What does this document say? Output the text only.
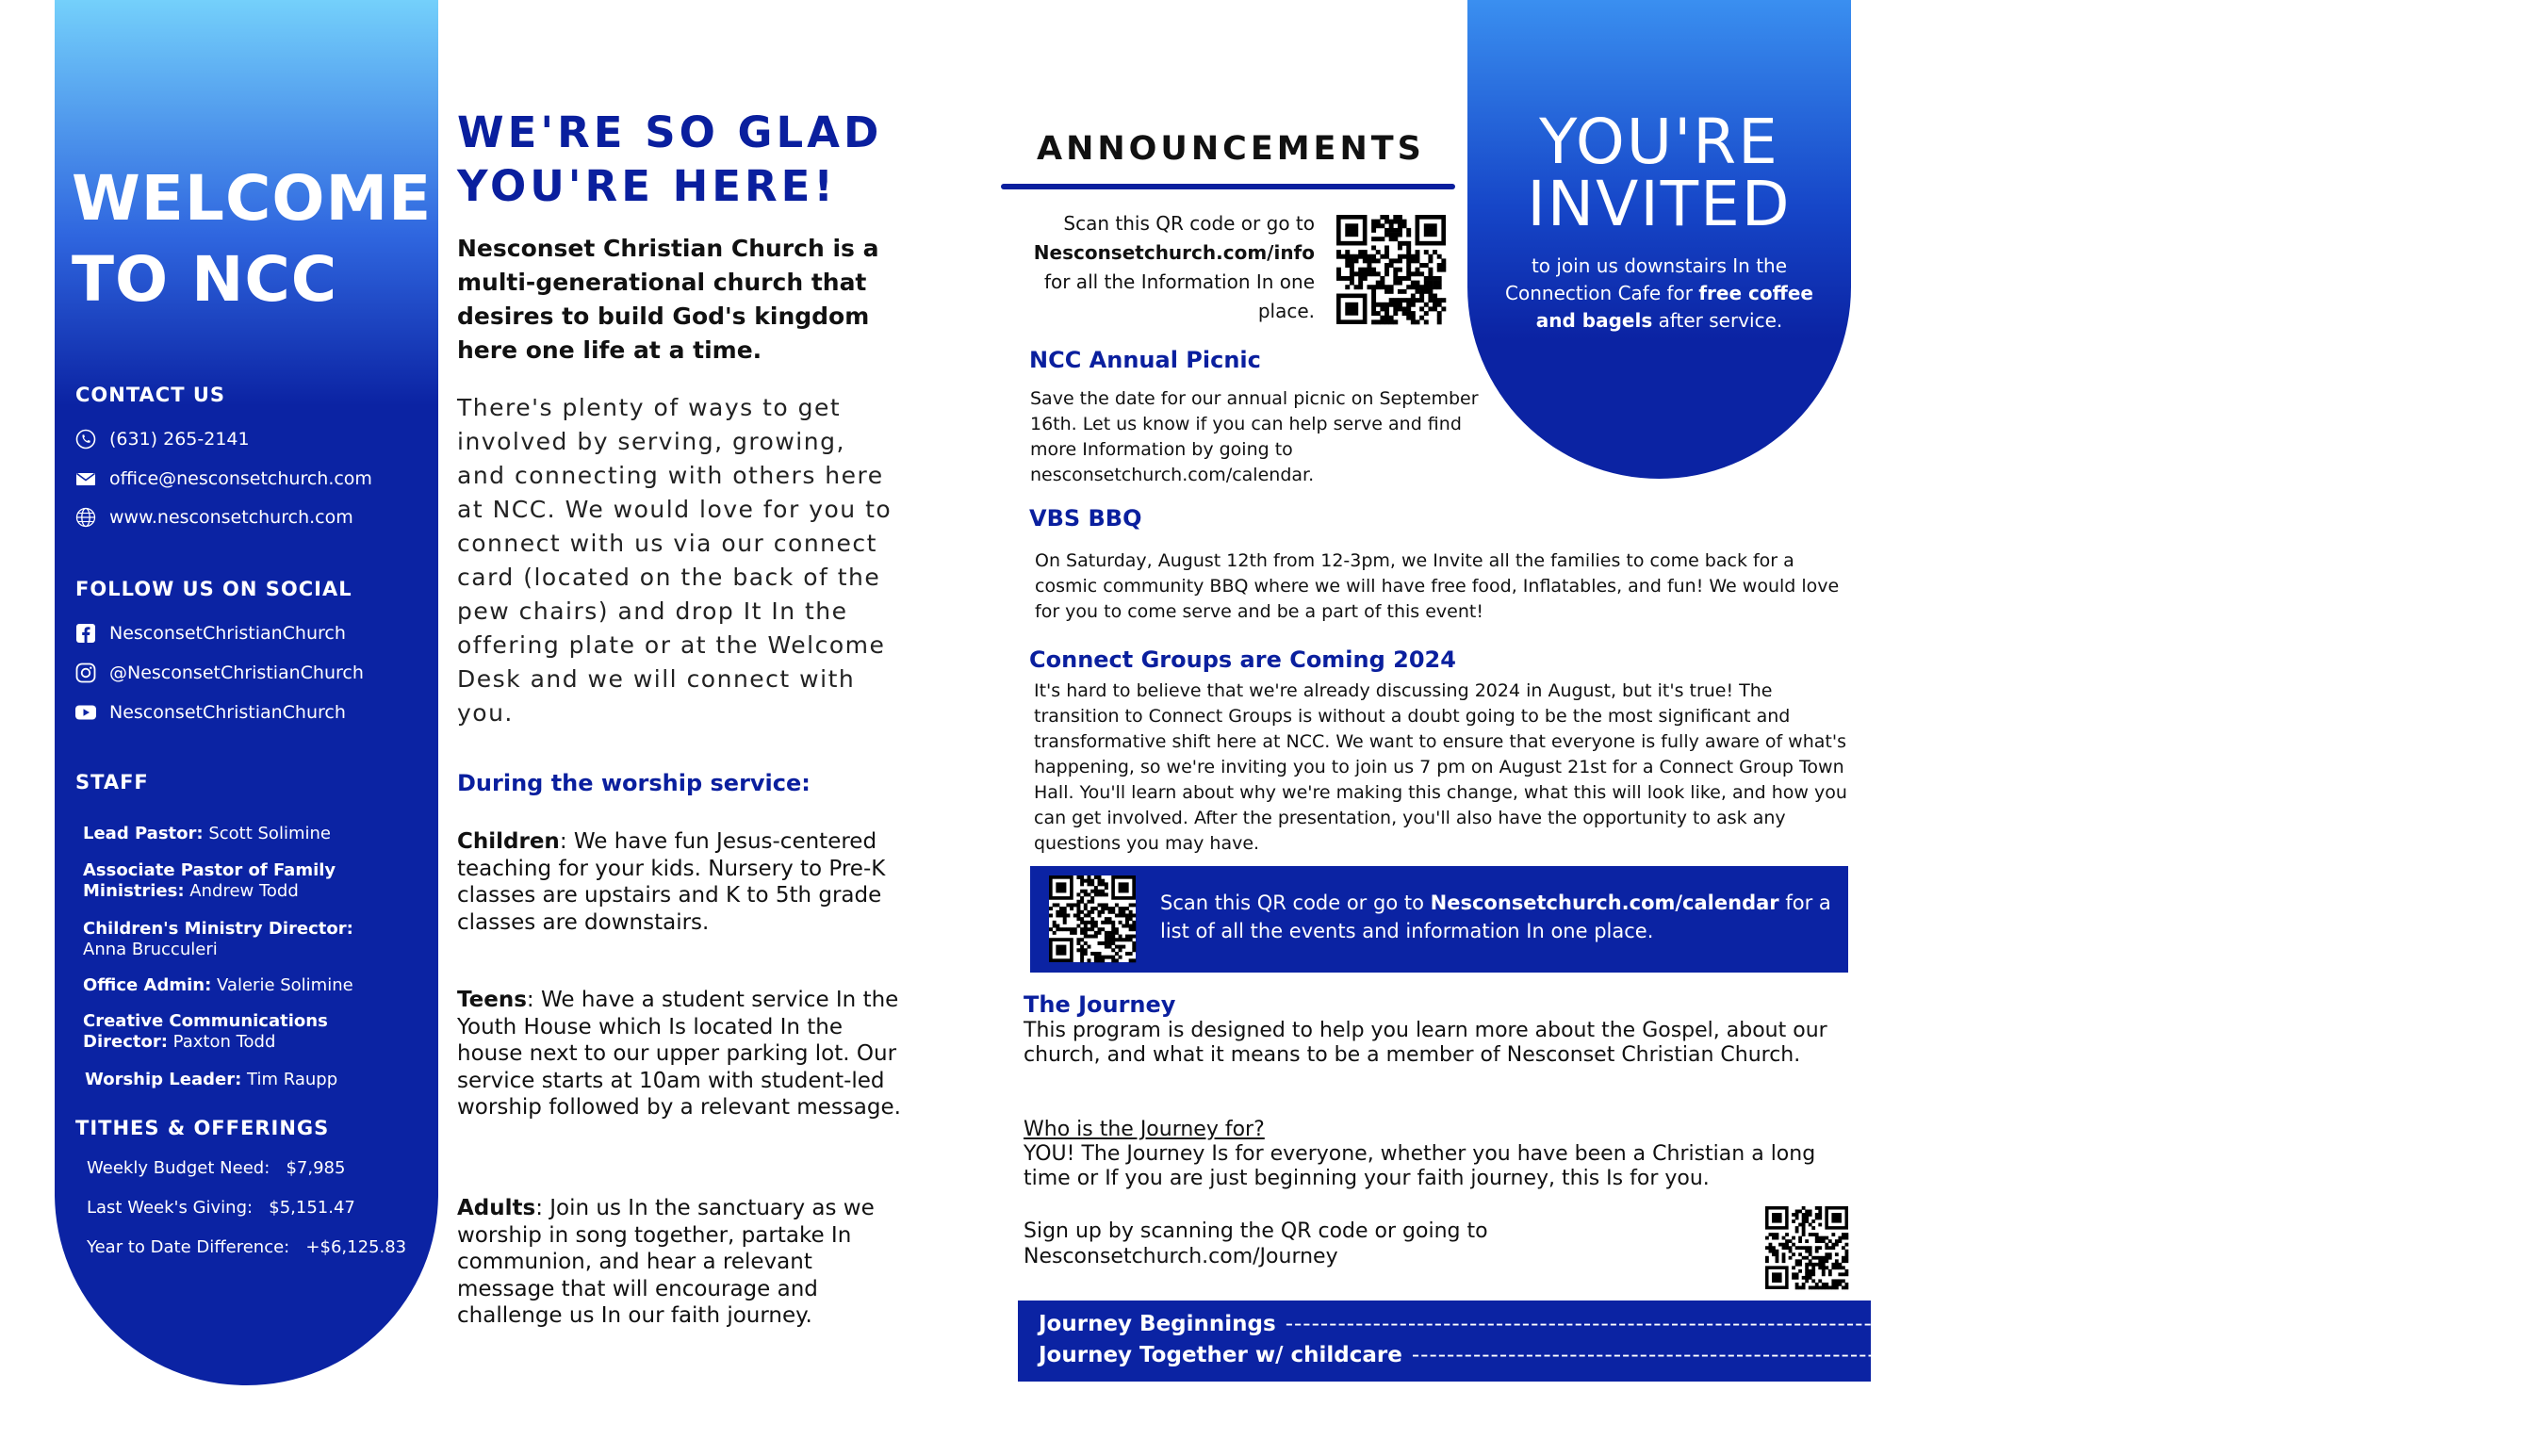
WELCOME
TO NCC
CONTACT US
(631) 265-2141
office@nesconsetchurch.com
www.nesconsetchurch.com
FOLLOW US ON SOCIAL
NesconsetChristianChurch
@NesconsetChristianChurch
NesconsetChristianChurch
STAFF
Lead Pastor: Scott Solimine
Associate Pastor of Family Ministries: Andrew Todd
Children's Ministry Director: Anna Brucculeri
Office Admin: Valerie Solimine
Creative Communications Director: Paxton Todd
Worship Leader: Tim Raupp
TITHES & OFFERINGS
Weekly Budget Need: $7,985
Last Week's Giving: $5,151.47
Year to Date Difference: +$6,125.83
WE'RE SO GLAD
YOU'RE HERE!

Nesconset Christian Church is a multi-generational church that desires to build God's kingdom here one life at a time.

There's plenty of ways to get involved by serving, growing, and connecting with others here at NCC. We would love for you to connect with us via our connect card (located on the back of the pew chairs) and drop It In the offering plate or at the Welcome Desk and we will connect with you.

During the worship service:

Children: We have fun Jesus-centered teaching for your kids. Nursery to Pre-K classes are upstairs and K to 5th grade classes are downstairs.

Teens: We have a student service In the Youth House which Is located In the house next to our upper parking lot. Our service starts at 10am with student-led worship followed by a relevant message.

Adults: Join us In the sanctuary as we worship in song together, partake In communion, and hear a relevant message that will encourage and challenge us In our faith journey.

ANNOUNCEMENTS

Scan this QR code or go to
Nesconsetchurch.com/info
for all the Information In one place.

NCC Annual Picnic

Save the date for our annual picnic on September 16th. Let us know if you can help serve and find more Information by going to nesconsetchurch.com/calendar.

VBS BBQ

On Saturday, August 12th from 12-3pm, we Invite all the families to come back for a cosmic community BBQ where we will have free food, Inflatables, and fun! We would love for you to come serve and be a part of this event!

Connect Groups are Coming 2024

It's hard to believe that we're already discussing 2024 in August, but it's true! The transition to Connect Groups is without a doubt going to be the most significant and transformative shift here at NCC. We want to ensure that everyone is fully aware of what's happening, so we're inviting you to join us 7 pm on August 21st for a Connect Group Town Hall. You'll learn about why we're making this change, what this will look like, and how you can get involved. After the presentation, you'll also have the opportunity to ask any questions you may have.

Scan this QR code or go to Nesconsetchurch.com/calendar for a list of all the events and information In one place.

The Journey

This program is designed to help you learn more about the Gospel, about our church, and what it means to be a member of Nesconset Christian Church.

Who is the Journey for?

YOU! The Journey Is for everyone, whether you have been a Christian a long time or If you are just beginning your faith journey, this Is for you.

Sign up by scanning the QR code or going to Nesconsetchurch.com/Journey

Journey Beginnings ------------------------------------------------------------------------------------------------ August 13th at 1pm
Journey Together w/ childcare ------------------------------------------------------------------------------------------------ September 17th at 1pm
YOU'RE
INVITED

to join us downstairs In the Connection Cafe for free coffee and bagels after service.
